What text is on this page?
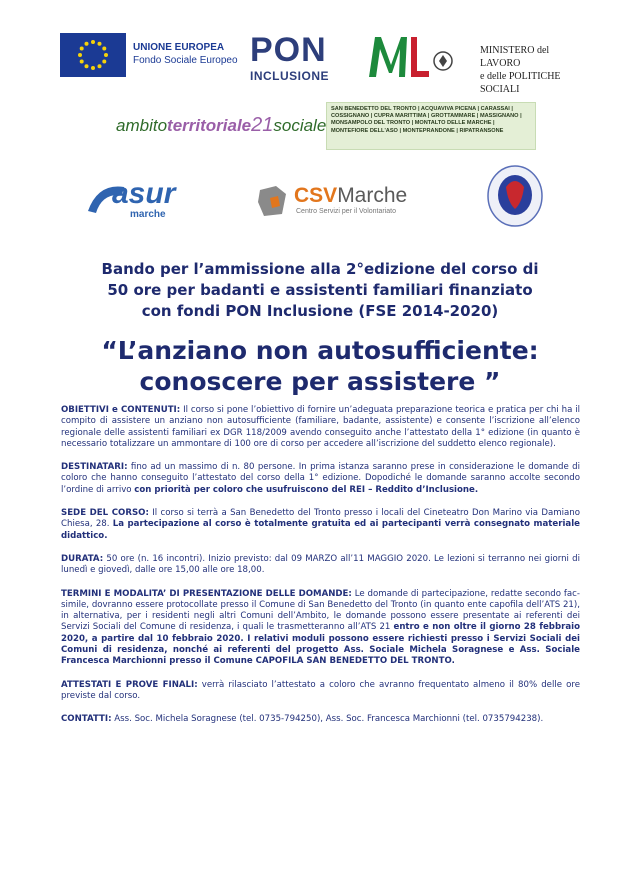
UNIONE EUROPEA
Fondo Sociale Europeo PON
INCLUSIONE
MINISTERO del LAVORO
e delle POLITICHE SOCIALI
ambitoterritoriale21sociale
SAN BENEDETTO DEL TRONTO | ACQUAVIVA PICENA | CARASSAI | COSSIGNANO | CUPRA MARITTIMA | GROTTAMMARE | MASSIGNANO | MONSAMPOLO DEL TRONTO | MONTALTO DELLE MARCHE | MONTEFIORE DELL'ASO | MONTEPRANDONE | RIPATRANSONE
asur
marche
CSVMarche
Centro Servizi per il Volontariato
Bando per l’ammissione alla 2°edizione del corso di
50 ore per badanti e assistenti familiari finanziato
con fondi PON Inclusione (FSE 2014-2020)
“L’anziano non autosufficiente:
conoscere per assistere ”

OBIETTIVI e CONTENUTI: Il corso si pone l’obiettivo di fornire un’adeguata preparazione teorica e pratica per chi ha il compito di assistere un anziano non autosufficiente (familiare, badante, assistente) e consente l’iscrizione all’elenco regionale delle assistenti familiari ex DGR 118/2009 avendo conseguito anche l’attestato della 1° edizione (in quanto è necessario totalizzare un ammontare di 100 ore di corso per accedere all’iscrizione del suddetto elenco regionale).

DESTINATARI: fino ad un massimo di n. 80 persone. In prima istanza saranno prese in considerazione le domande di coloro che hanno conseguito l’attestato del corso della 1° edizione. Dopodiché le domande saranno accolte secondo l’ordine di arrivo con priorità per coloro che usufruiscono del REI – Reddito d’Inclusione.

SEDE DEL CORSO: Il corso si terrà a San Benedetto del Tronto presso i locali del Cineteatro Don Marino via Damiano Chiesa, 28. La partecipazione al corso è totalmente gratuita ed ai partecipanti verrà consegnato materiale didattico.

DURATA: 50 ore (n. 16 incontri). Inizio previsto: dal 09 MARZO all’11 MAGGIO 2020. Le lezioni si terranno nei giorni di lunedì e giovedì, dalle ore 15,00 alle ore 18,00.

TERMINI E MODALITA’ DI PRESENTAZIONE DELLE DOMANDE: Le domande di partecipazione, redatte secondo fac-simile, dovranno essere protocollate presso il Comune di San Benedetto del Tronto (in quanto ente capofila dell’ATS 21), in alternativa, per i residenti negli altri Comuni dell’Ambito, le domande possono essere presentate ai referenti dei Servizi Sociali del Comune di residenza, i quali le trasmetteranno all’ATS 21 entro e non oltre il giorno 28 febbraio 2020, a partire dal 10 febbraio 2020. I relativi moduli possono essere richiesti presso i Servizi Sociali dei Comuni di residenza, nonché ai referenti del progetto Ass. Sociale Michela Soragnese e Ass. Sociale Francesca Marchionni presso il Comune CAPOFILA SAN BENEDETTO DEL TRONTO.

ATTESTATI E PROVE FINALI: verrà rilasciato l’attestato a coloro che avranno frequentato almeno il 80% delle ore previste dal corso.

CONTATTI: Ass. Soc. Michela Soragnese (tel. 0735-794250), Ass. Soc. Francesca Marchionni (tel. 0735794238).
